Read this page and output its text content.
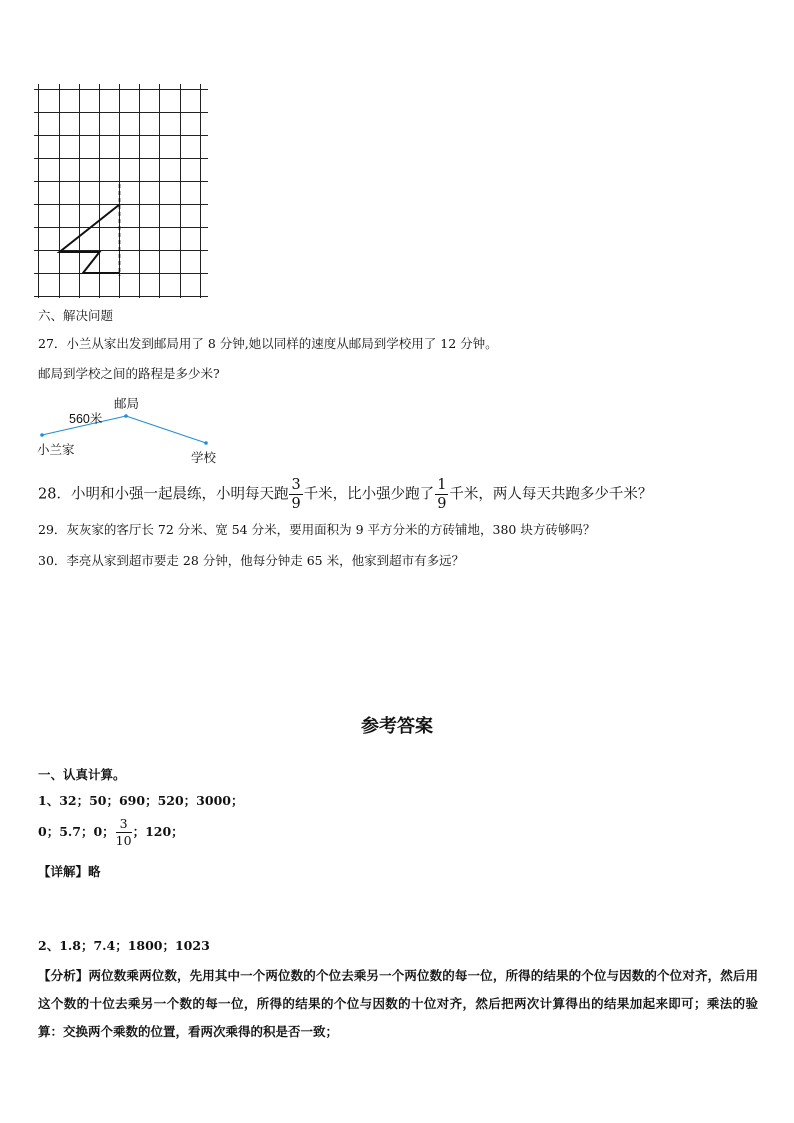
六、解决问题
27．小兰从家出发到邮局用了 8 分钟,她以同样的速度从邮局到学校用了 12 分钟。
邮局到学校之间的路程是多少米?
邮局
560米
小兰家
学校
28．小明和小强一起晨练，小明每天跑 $\frac{3}{9}$ 千米，比小强少跑了 $\frac{1}{9}$ 千米，两人每天共跑多少千米？
29．灰灰家的客厅长 72 分米、宽 54 分米，要用面积为 9 平方分米的方砖铺地，380 块方砖够吗？
30．李亮从家到超市要走 28 分钟，他每分钟走 65 米，他家到超市有多远？
参考答案
一、认真计算。
1、32；50；690；520；3000；
0；5.7；0； $\frac{3}{10}$ ；120；
【详解】略
2、1.8；7.4；1800；1023
【分析】两位数乘两位数，先用其中一个两位数的个位去乘另一个两位数的每一位，所得的结果的个位与因数的个位对齐，然后用这个数的十位去乘另一个数的每一位，所得的结果的个位与因数的十位对齐，然后把两次计算得出的结果加起来即可；乘法的验算：交换两个乘数的位置，看两次乘得的积是否一致；
